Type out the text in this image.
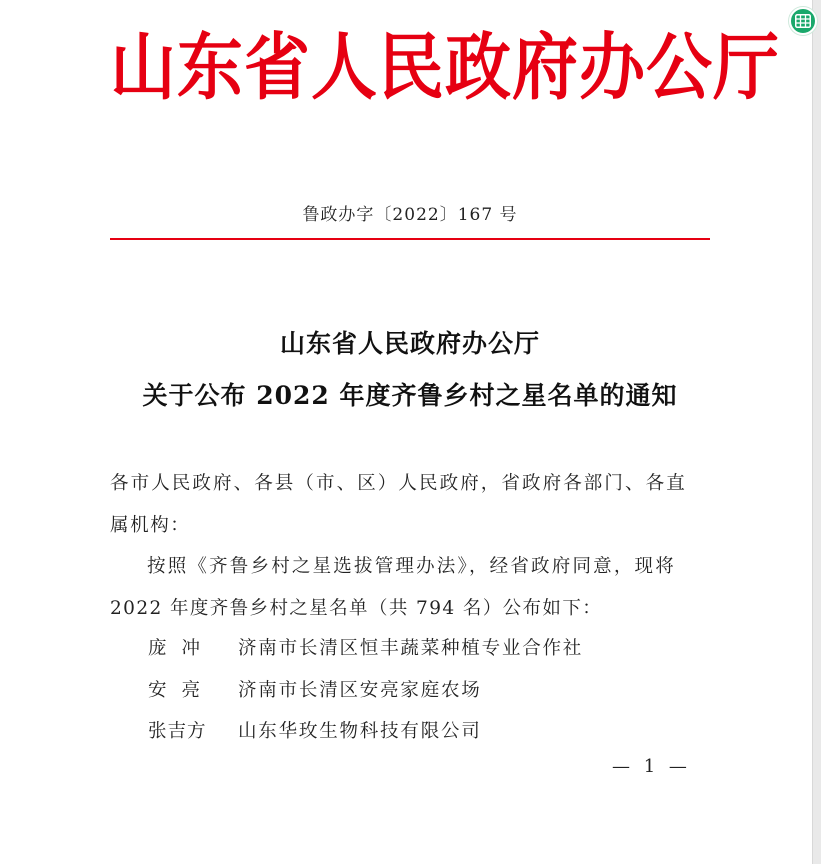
山东省人民政府办公厅
鲁政办字〔2022〕167 号
山东省人民政府办公厅
关于公布 2022 年度齐鲁乡村之星名单的通知
各市人民政府、各县（市、区）人民政府，省政府各部门、各直
属机构：
按照《齐鲁乡村之星选拔管理办法》，经省政府同意，现将
2022 年度齐鲁乡村之星名单（共 794 名）公布如下：
庞冲 济南市长清区恒丰蔬菜种植专业合作社
安亮 济南市长清区安亮家庭农场
张吉方 山东华玫生物科技有限公司
— 1 —
